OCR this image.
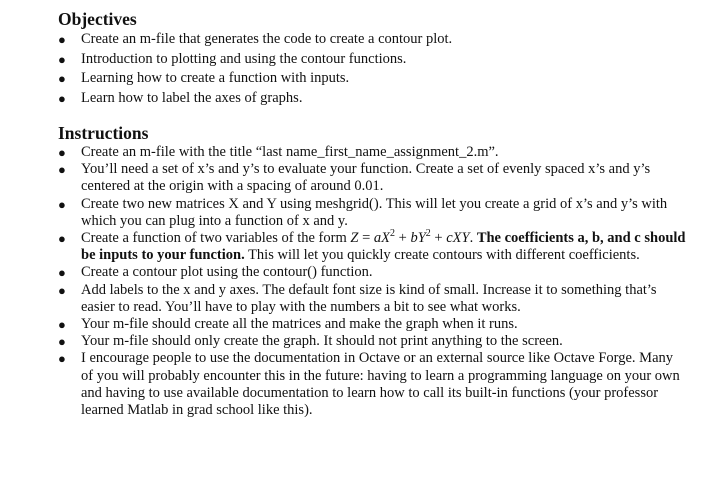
Objectives
●	Create an m-file that generates the code to create a contour plot.
●	Introduction to plotting and using the contour functions.
●	Learning how to create a function with inputs.
●	Learn how to label the axes of graphs.
Instructions
●	Create an m-file with the title “last name_first_name_assignment_2.m”.
●	You’ll need a set of x’s and y’s to evaluate your function. Create a set of evenly spaced x’s and y’s centered at the origin with a spacing of around 0.01.
●	Create two new matrices X and Y using meshgrid(). This will let you create a grid of x’s and y’s with which you can plug into a function of x and y.
●	Create a function of two variables of the form $Z = aX^2 + bY^2$ + cXY. The coefficients a, b, and c should be inputs to your function. This will let you quickly create contours with different coefficients.
●	Create a contour plot using the contour() function.
●	Add labels to the x and y axes. The default font size is kind of small. Increase it to something that’s easier to read. You’ll have to play with the numbers a bit to see what works.
●	Your m-file should create all the matrices and make the graph when it runs.
●	Your m-file should only create the graph. It should not print anything to the screen.
●	I encourage people to use the documentation in Octave or an external source like Octave Forge. Many of you will probably encounter this in the future: having to learn a programming language on your own and having to use available documentation to learn how to call its built-in functions (your professor learned Matlab in grad school like this).
